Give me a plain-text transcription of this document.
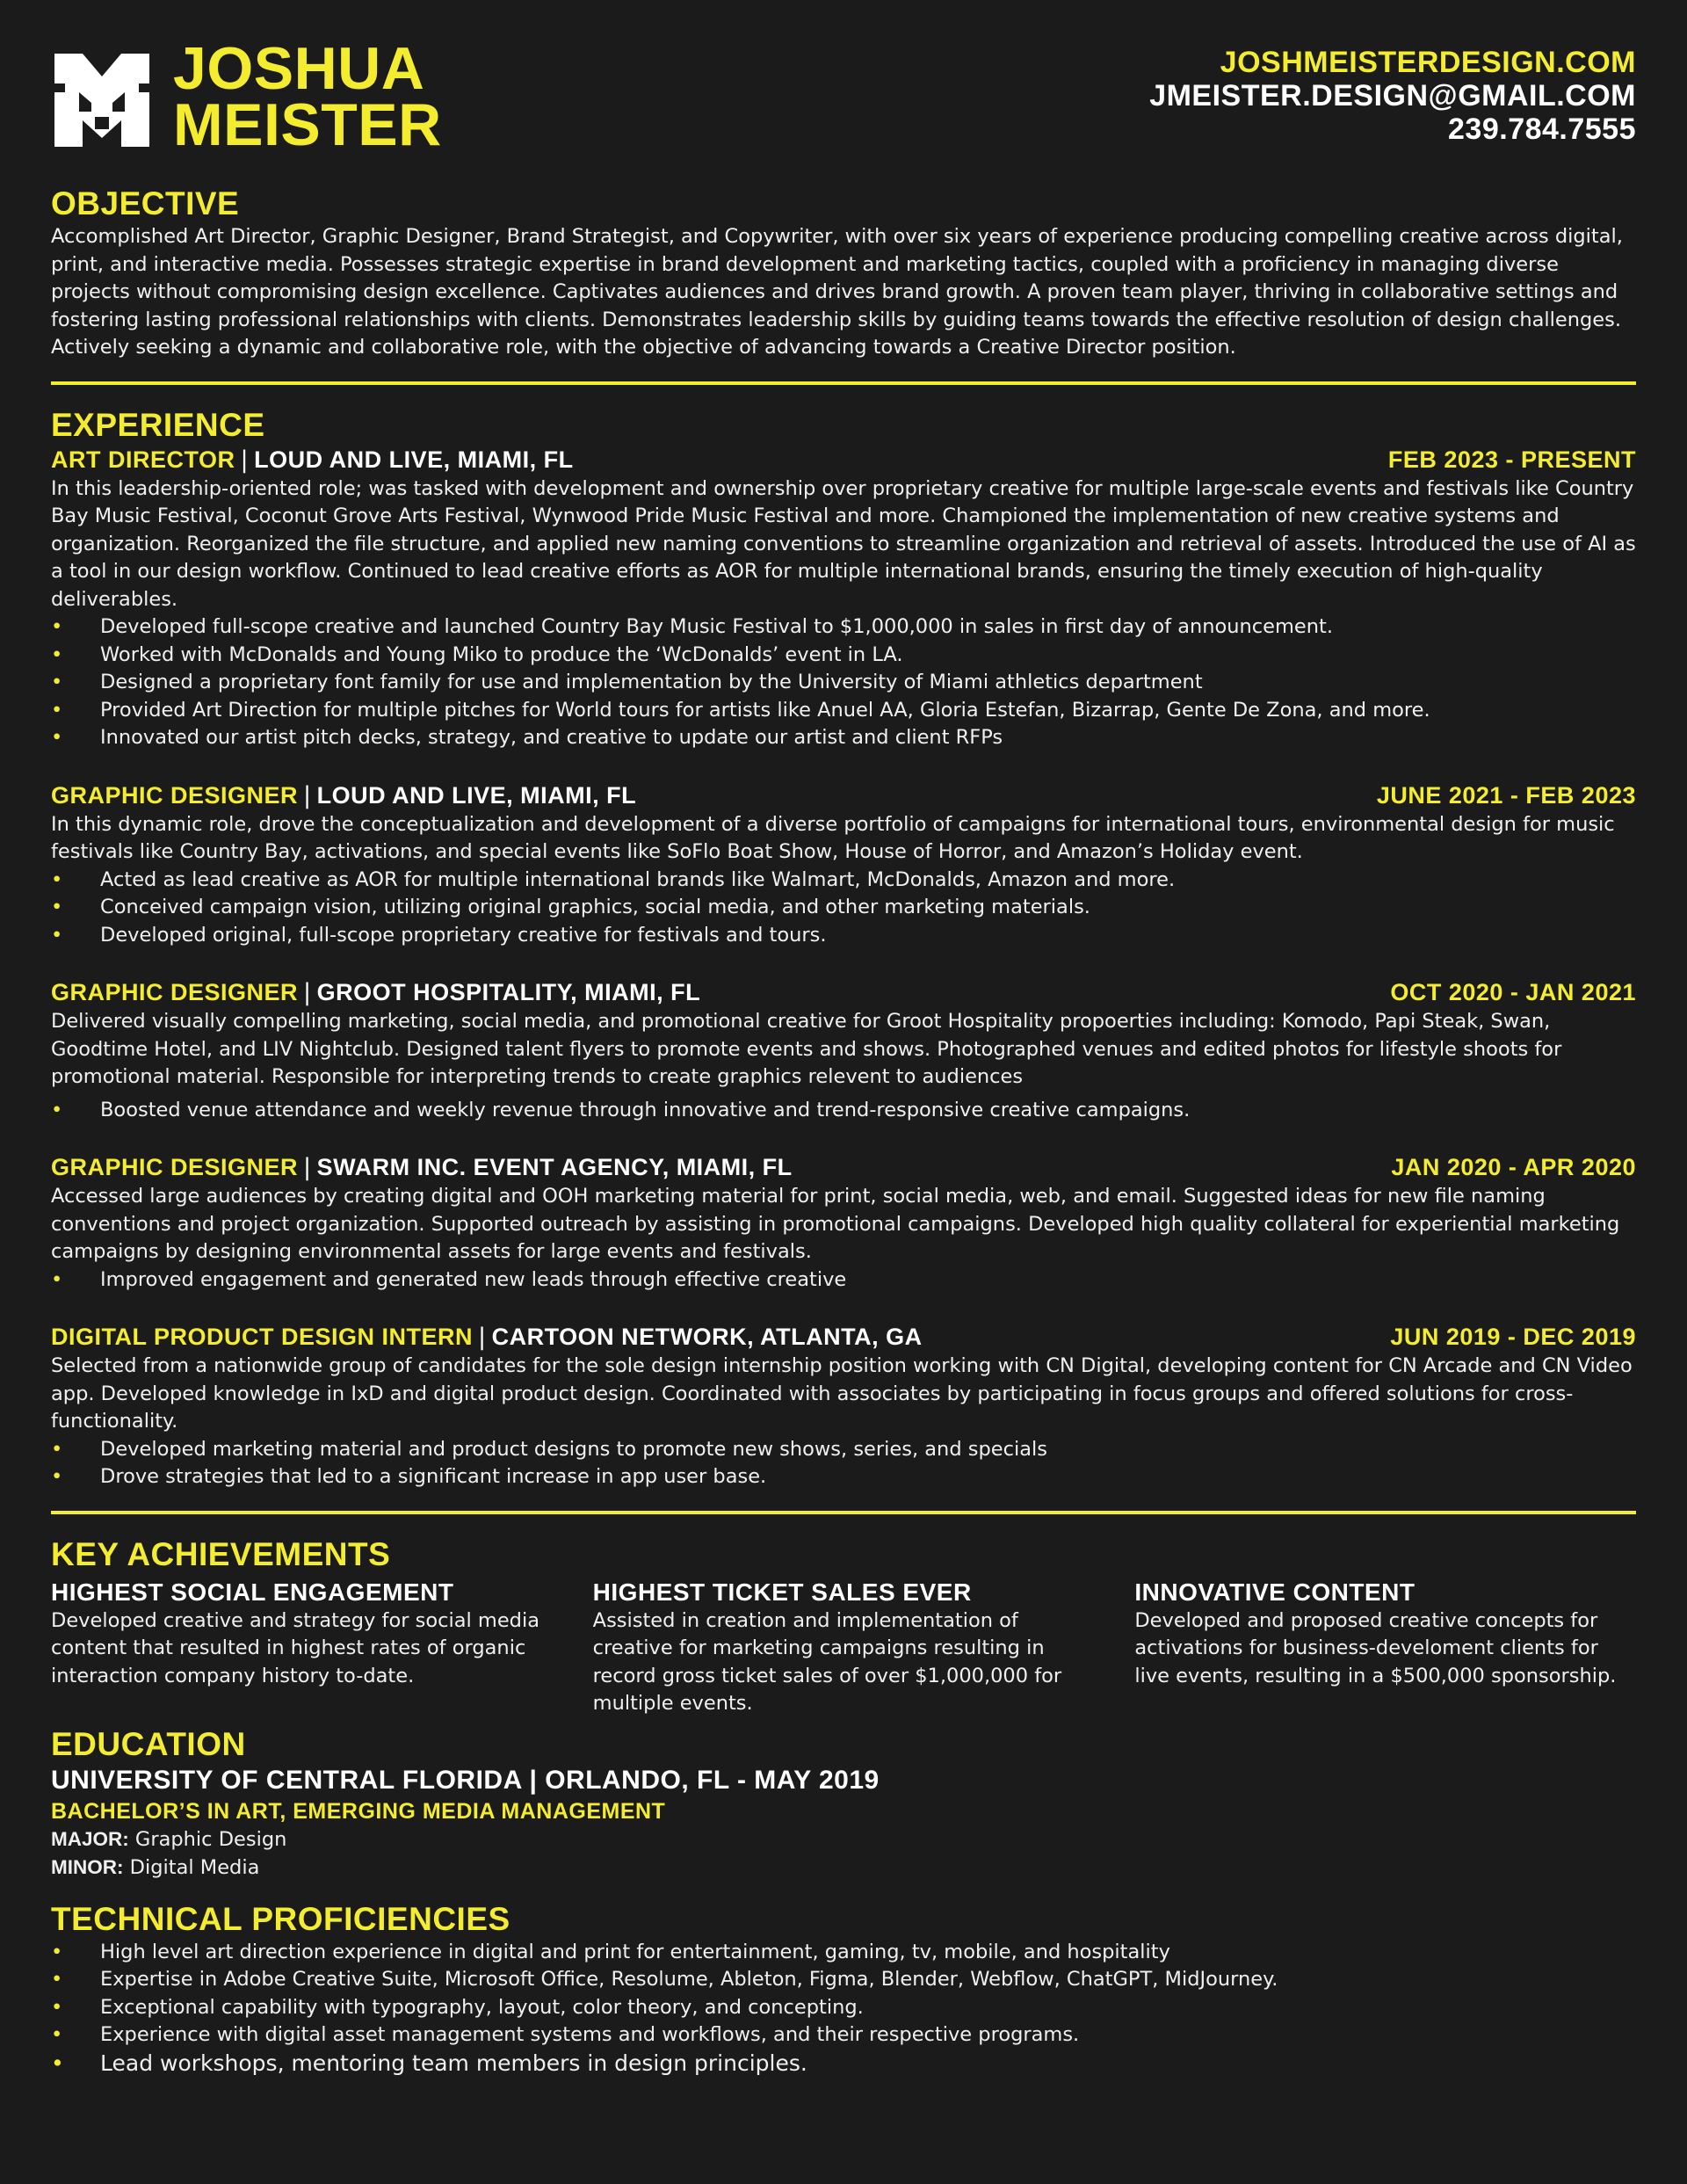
JOSHUA
MEISTER
JOSHMEISTERDESIGN.COM
JMEISTER.DESIGN@GMAIL.COM
239.784.7555
OBJECTIVE

Accomplished Art Director, Graphic Designer, Brand Strategist, and Copywriter, with over six years of experience producing compelling creative across digital, print, and interactive media. Possesses strategic expertise in brand development and marketing tactics, coupled with a proficiency in managing diverse projects without compromising design excellence. Captivates audiences and drives brand growth. A proven team player, thriving in collaborative settings and fostering lasting professional relationships with clients. Demonstrates leadership skills by guiding teams towards the effective resolution of design challenges. Actively seeking a dynamic and collaborative role, with the objective of advancing towards a Creative Director position.

EXPERIENCE
ART DIRECTOR | LOUD AND LIVE, MIAMI, FL	FEB 2023 - PRESENT

In this leadership-oriented role; was tasked with development and ownership over proprietary creative for multiple large-scale events and festivals like Country Bay Music Festival, Coconut Grove Arts Festival, Wynwood Pride Music Festival and more. Championed the implementation of new creative systems and organization. Reorganized the file structure, and applied new naming conventions to streamline organization and retrieval of assets. Introduced the use of AI as a tool in our design workflow. Continued to lead creative efforts as AOR for multiple international brands, ensuring the timely execution of high-quality deliverables.

• Developed full-scope creative and launched Country Bay Music Festival to $1,000,000 in sales in first day of announcement.
• Worked with McDonalds and Young Miko to produce the ‘WcDonalds’ event in LA.
• Designed a proprietary font family for use and implementation by the University of Miami athletics department
• Provided Art Direction for multiple pitches for World tours for artists like Anuel AA, Gloria Estefan, Bizarrap, Gente De Zona, and more.
• Innovated our artist pitch decks, strategy, and creative to update our artist and client RFPs
GRAPHIC DESIGNER | LOUD AND LIVE, MIAMI, FL	JUNE 2021 - FEB 2023

In this dynamic role, drove the conceptualization and development of a diverse portfolio of campaigns for international tours, environmental design for music festivals like Country Bay, activations, and special events like SoFlo Boat Show, House of Horror, and Amazon’s Holiday event.

• Acted as lead creative as AOR for multiple international brands like Walmart, McDonalds, Amazon and more.
• Conceived campaign vision, utilizing original graphics, social media, and other marketing materials.
• Developed original, full-scope proprietary creative for festivals and tours.
GRAPHIC DESIGNER | GROOT HOSPITALITY, MIAMI, FL	OCT 2020 - JAN 2021

Delivered visually compelling marketing, social media, and promotional creative for Groot Hospitality propoerties including: Komodo, Papi Steak, Swan, Goodtime Hotel, and LIV Nightclub. Designed talent flyers to promote events and shows. Photographed venues and edited photos for lifestyle shoots for promotional material. Responsible for interpreting trends to create graphics relevent to audiences

• Boosted venue attendance and weekly revenue through innovative and trend-responsive creative campaigns.
GRAPHIC DESIGNER | SWARM INC. EVENT AGENCY, MIAMI, FL	JAN 2020 - APR 2020

Accessed large audiences by creating digital and OOH marketing material for print, social media, web, and email. Suggested ideas for new file naming conventions and project organization. Supported outreach by assisting in promotional campaigns. Developed high quality collateral for experiential marketing campaigns by designing environmental assets for large events and festivals.

• Improved engagement and generated new leads through effective creative
DIGITAL PRODUCT DESIGN INTERN | CARTOON NETWORK, ATLANTA, GA	JUN 2019 - DEC 2019

Selected from a nationwide group of candidates for the sole design internship position working with CN Digital, developing content for CN Arcade and CN Video app. Developed knowledge in IxD and digital product design. Coordinated with associates by participating in focus groups and offered solutions for cross-functionality.

• Developed marketing material and product designs to promote new shows, series, and specials
• Drove strategies that led to a significant increase in app user base.
KEY ACHIEVEMENTS
HIGHEST SOCIAL ENGAGEMENT

Developed creative and strategy for social media content that resulted in highest rates of organic interaction company history to-date.

HIGHEST TICKET SALES EVER

Assisted in creation and implementation of creative for marketing campaigns resulting in record gross ticket sales of over $1,000,000 for multiple events.

INNOVATIVE CONTENT

Developed and proposed creative concepts for activations for business-develoment clients for live events, resulting in a $500,000 sponsorship.

EDUCATION
UNIVERSITY OF CENTRAL FLORIDA | ORLANDO, FL - MAY 2019
BACHELOR’S IN ART, EMERGING MEDIA MANAGEMENT
MAJOR: Graphic Design
MINOR: Digital Media
TECHNICAL PROFICIENCIES
• High level art direction experience in digital and print for entertainment, gaming, tv, mobile, and hospitality
• Expertise in Adobe Creative Suite, Microsoft Office, Resolume, Ableton, Figma, Blender, Webflow, ChatGPT, MidJourney.
• Exceptional capability with typography, layout, color theory, and concepting.
• Experience with digital asset management systems and workflows, and their respective programs.
• Lead workshops, mentoring team members in design principles.
